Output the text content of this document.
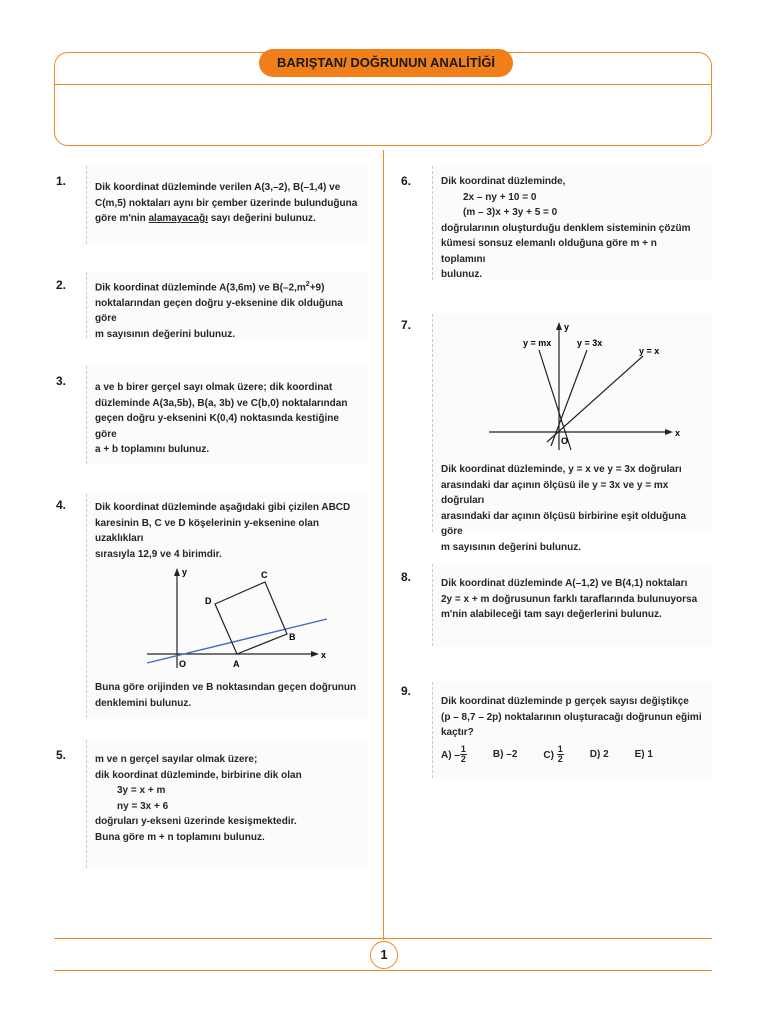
BARIŞTAN/ DOĞRUNUN ANALİTİĞİ
1.	Dik koordinat düzleminde verilen A(3,–2), B(–1,4) ve

C(m,5) noktaları aynı bir çember üzerinde bulunduğuna

göre m'nin alamayacağı sayı değerini bulunuz.

2.	Dik koordinat düzleminde A(3,6m) ve $B(-2,m^2+9)$

noktalarından geçen doğru y-eksenine dik olduğuna göre

m sayısının değerini bulunuz.

3.	a ve b birer gerçel sayı olmak üzere; dik koordinat

düzleminde A(3a,5b), B(a, 3b) ve C(b,0) noktalarından

geçen doğru y-eksenini K(0,4) noktasında kestiğine göre

a + b toplamını bulunuz.

4.	Dik koordinat düzleminde aşağıdaki gibi çizilen ABCD

karesinin B, C ve D köşelerinin y-eksenine olan uzaklıkları

sırasıyla 12,9 ve 4 birimdir.

y
x
O	A
B
C
D

Buna göre orijinden ve B noktasından geçen doğrunun

denklemini bulunuz.

5.	m ve n gerçel sayılar olmak üzere;

dik koordinat düzleminde, birbirine dik olan

3y = x + m

ny = 3x + 6

doğruları y-ekseni üzerinde kesişmektedir.

Buna göre m + n toplamını bulunuz.

6.	Dik koordinat düzleminde,

2x – ny + 10 = 0

(m – 3)x + 3y + 5 = 0

doğrularının oluşturduğu denklem sisteminin çözüm

kümesi sonsuz elemanlı olduğuna göre m + n toplamını

bulunuz.

7.
y = mx	y = 3x
y = x
y
x
O

Dik koordinat düzleminde, y = x ve y = 3x doğruları

arasındaki dar açının ölçüsü ile y = 3x ve y = mx doğruları

arasındaki dar açının ölçüsü birbirine eşit olduğuna göre

m sayısının değerini bulunuz.

8.	Dik koordinat düzleminde A(–1,2) ve B(4,1) noktaları

2y = x + m doğrusunun farklı taraflarında bulunuyorsa

m'nin alabileceği tam sayı değerlerini bulunuz.

9.

Dik koordinat düzleminde p gerçek sayısı değiştikçe

(p – 8,7 – 2p) noktalarının oluşturacağı doğrunun eğimi

kaçtır?

$A) - \frac{1}{2}$	B) –2	$C) \frac{1}{2}$	D) 2	E) 1
1
